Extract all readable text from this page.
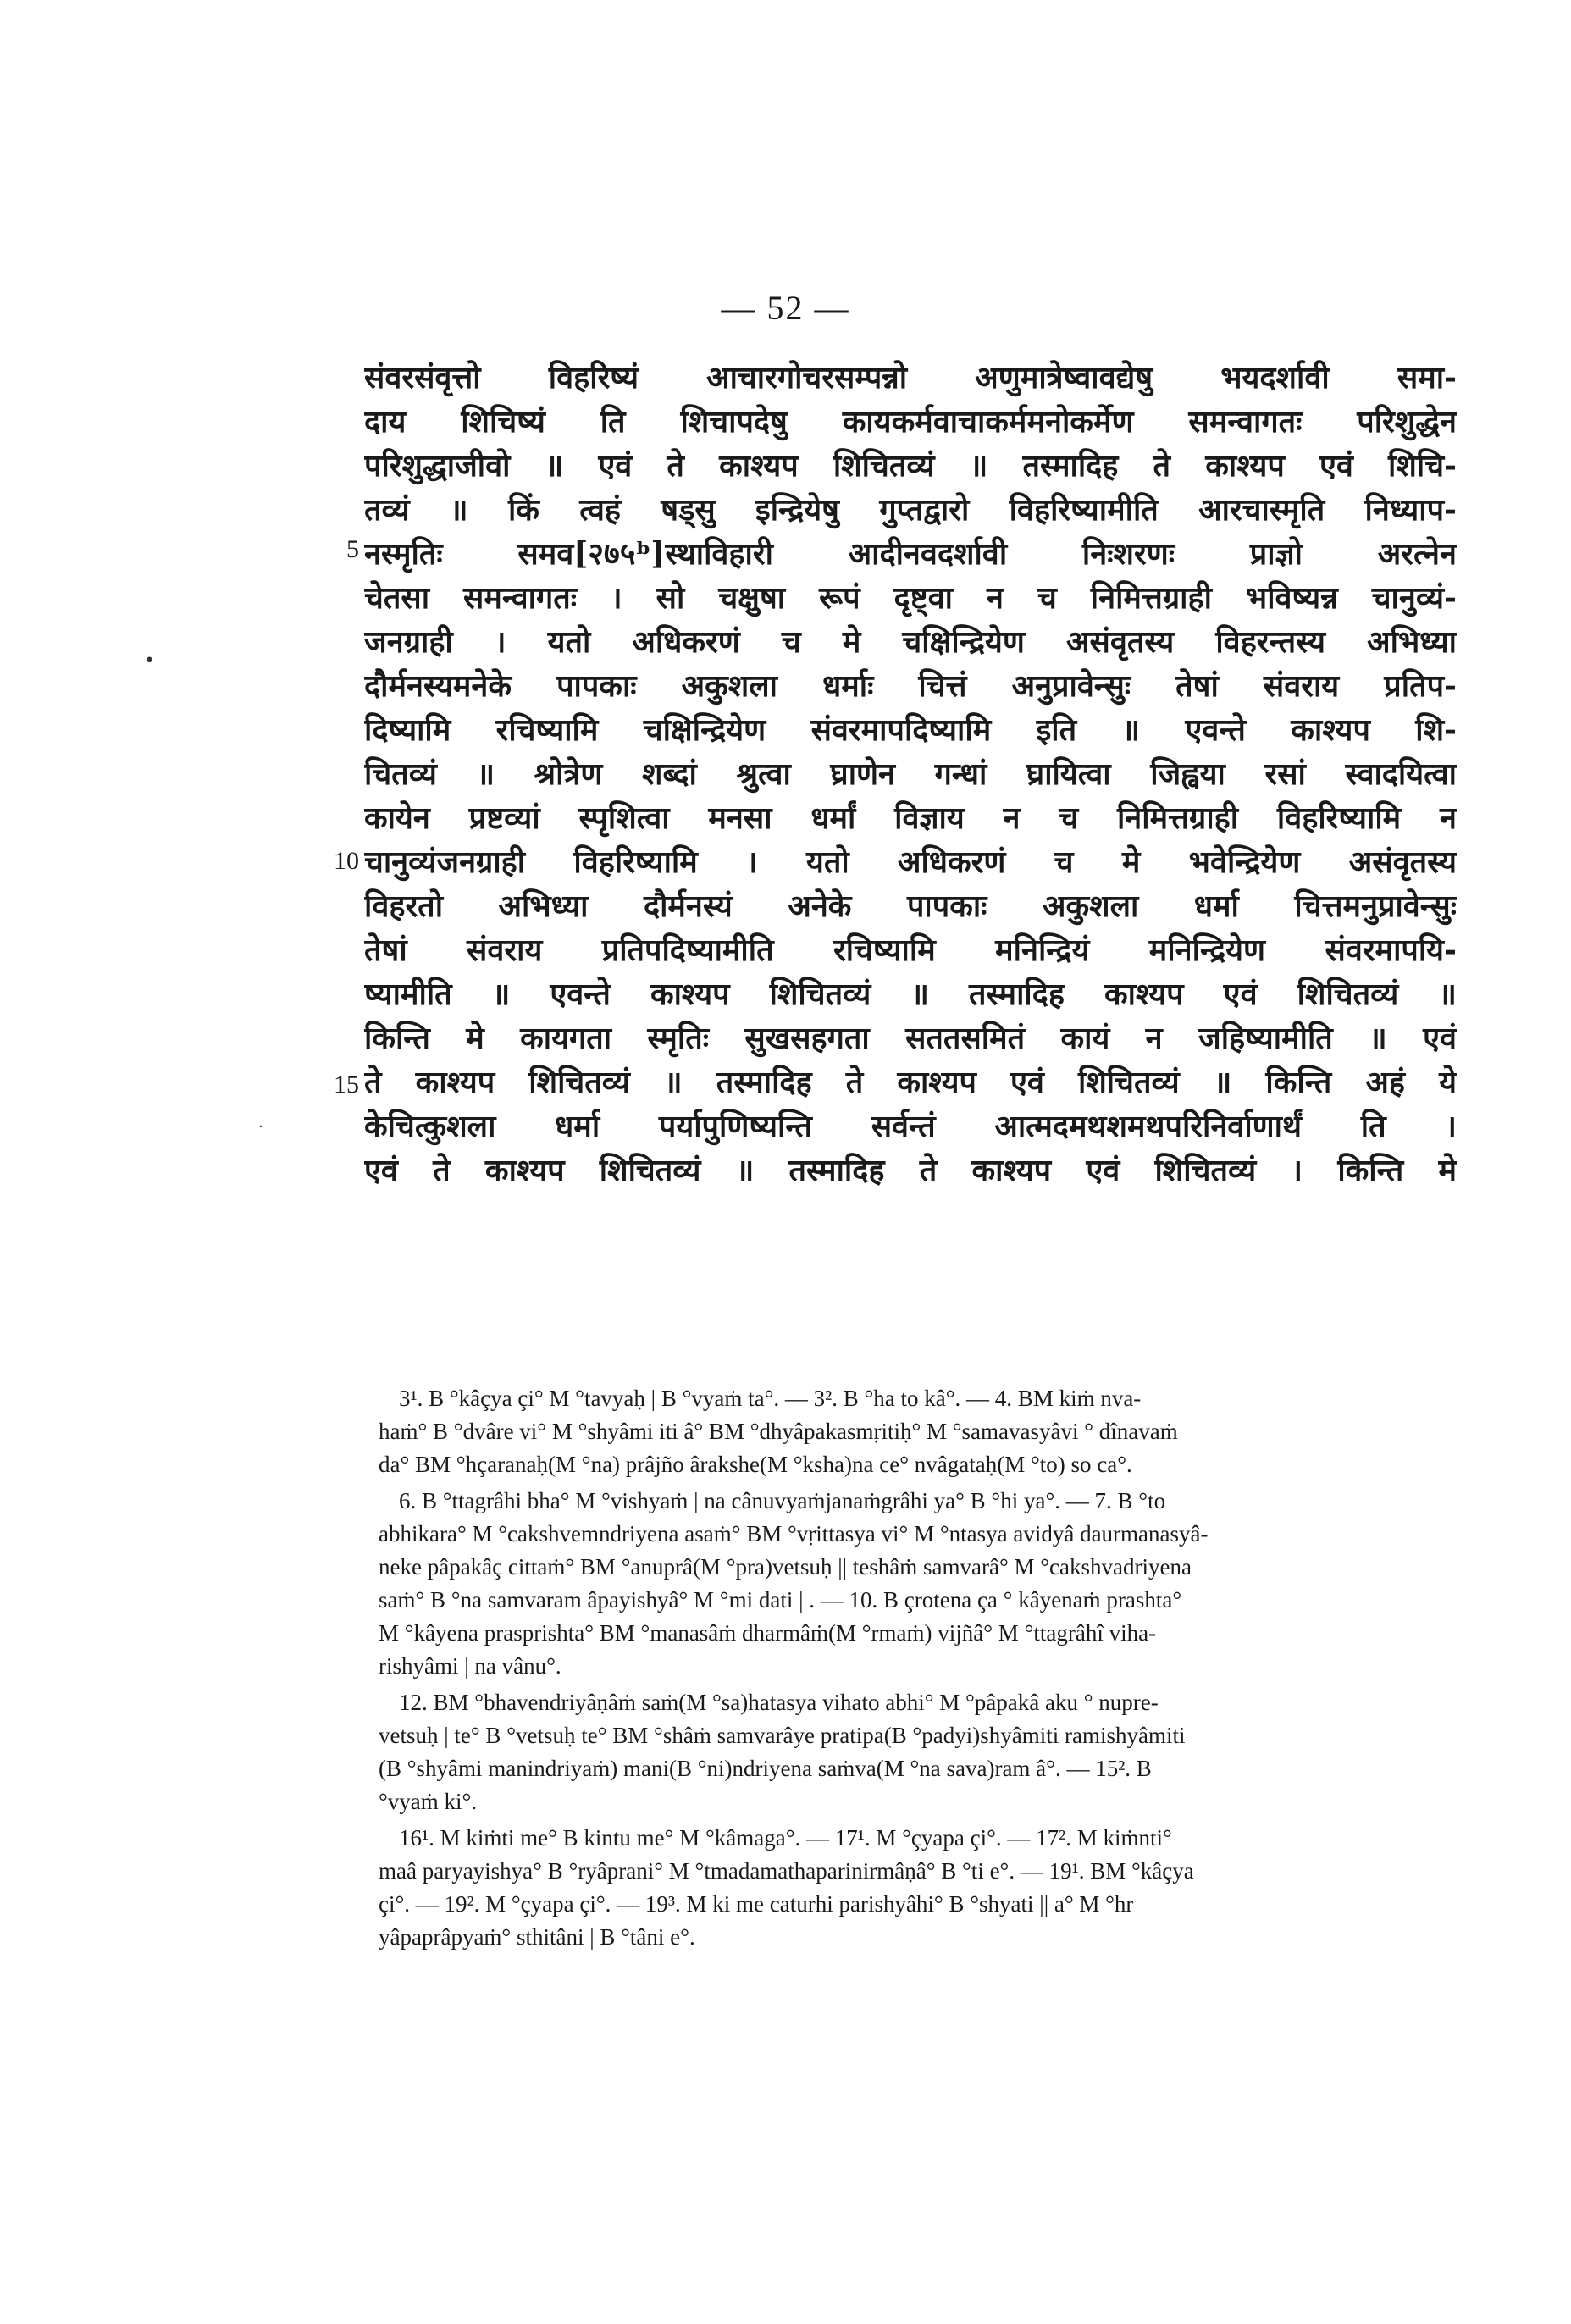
— 52 —
5
10
15
•
·
संवरसंवृत्तो विहरिष्यं आचारगोचरसम्पन्नो अणुमात्रेष्वावद्येषु भयदर्शावी समा-
दाय शिचिष्यं ति शिचापदेषु कायकर्मवाचाकर्ममनोकर्मेण समन्वागतः परिशुद्धेन
परिशुद्धाजीवो ॥ एवं ते काश्यप शिचितव्यं ॥ तस्मादिह ते काश्यप एवं शिचि-
तव्यं ॥ किं त्वहं षड्सु इन्द्रियेषु गुप्तद्वारो विहरिष्यामीति आरचास्मृति निध्याप-
नस्मृतिः समव[२७५ᵇ]स्थाविहारी आदीनवदर्शावी निःशरणः प्राज्ञो अरत्नेन
चेतसा समन्वागतः । सो चक्षुषा रूपं दृष्ट्वा न च निमित्तग्राही भविष्यन्न चानुव्यं-
जनग्राही । यतो अधिकरणं च मे चक्षिन्द्रियेण असंवृतस्य विहरन्तस्य अभिध्या
दौर्मनस्यमनेके पापकाः अकुशला धर्माः चित्तं अनुप्रावेन्सुः तेषां संवराय प्रतिप-
दिष्यामि रचिष्यामि चक्षिन्द्रियेण संवरमापदिष्यामि इति ॥ एवन्ते काश्यप शि-
चितव्यं ॥ श्रोत्रेण शब्दां श्रुत्वा घ्राणेन गन्धां घ्रायित्वा जिह्वया रसां स्वादयित्वा
कायेन प्रष्टव्यां स्पृशित्वा मनसा धर्मां विज्ञाय न च निमित्तग्राही विहरिष्यामि न
चानुव्यंजनग्राही विहरिष्यामि । यतो अधिकरणं च मे भवेन्द्रियेण असंवृतस्य
विहरतो अभिध्या दौर्मनस्यं अनेके पापकाः अकुशला धर्मा चित्तमनुप्रावेन्सुः
तेषां संवराय प्रतिपदिष्यामीति रचिष्यामि मनिन्द्रियं मनिन्द्रियेण संवरमापयि-
ष्यामीति ॥ एवन्ते काश्यप शिचितव्यं ॥ तस्मादिह काश्यप एवं शिचितव्यं ॥
किन्ति मे कायगता स्मृतिः सुखसहगता सततसमितं कायं न जहिष्यामीति ॥ एवं
ते काश्यप शिचितव्यं ॥ तस्मादिह ते काश्यप एवं शिचितव्यं ॥ किन्ति अहं ये
केचित्कुशला धर्मा पर्यापुणिष्यन्ति सर्वन्तं आत्मदमथशमथपरिनिर्वाणार्थं ति ।
एवं ते काश्यप शिचितव्यं ॥ तस्मादिह ते काश्यप एवं शिचितव्यं । किन्ति मे

3¹. B °kâçya çi° M °tavyaḥ | B °vyaṁ ta°. — 3². B °ha to kâ°. — 4. BM kiṁ nva-

haṁ° B °dvâre vi° M °shyâmi iti â° BM °dhyâpakasmṛitiḥ° M °samavasyâvi ° dînavaṁ

da° BM °hçaranaḥ(M °na) prâjño ârakshe(M °ksha)na ce° nvâgataḥ(M °to) so ca°.

6. B °ttagrâhi bha° M °vishyaṁ | na cânuvyaṁjanaṁgrâhi ya° B °hi ya°. — 7. B °to

abhikara° M °cakshvemndriyena asaṁ° BM °vṛittasya vi° M °ntasya avidyâ daurmanasyâ-

neke pâpakâç cittaṁ° BM °anuprâ(M °pra)vetsuḥ || teshâṁ samvarâ° M °cakshvadriyena

saṁ° B °na samvaram âpayishyâ° M °mi dati | . — 10. B çrotena ça ° kâyenaṁ prashta°

M °kâyena prasprishta° BM °manasâṁ dharmâṁ(M °rmaṁ) vijñâ° M °ttagrâhî viha-

rishyâmi | na vânu°.

12. BM °bhavendriyâṇâṁ saṁ(M °sa)hatasya vihato abhi° M °pâpakâ aku ° nupre-

vetsuḥ | te° B °vetsuḥ te° BM °shâṁ samvarâye pratipa(B °padyi)shyâmiti ramishyâmiti

(B °shyâmi manindriyaṁ) mani(B °ni)ndriyena saṁva(M °na sava)ram â°. — 15². B

°vyaṁ ki°.

16¹. M kiṁti me° B kintu me° M °kâmaga°. — 17¹. M °çyapa çi°. — 17². M kiṁnti°

maâ paryayishya° B °ryâprani° M °tmadamathaparinirmâṇâ° B °ti e°. — 19¹. BM °kâçya

çi°. — 19². M °çyapa çi°. — 19³. M ki me caturhi parishyâhi° B °shyati || a° M °hr

yâpaprâpyaṁ° sthitâni | B °tâni e°.
